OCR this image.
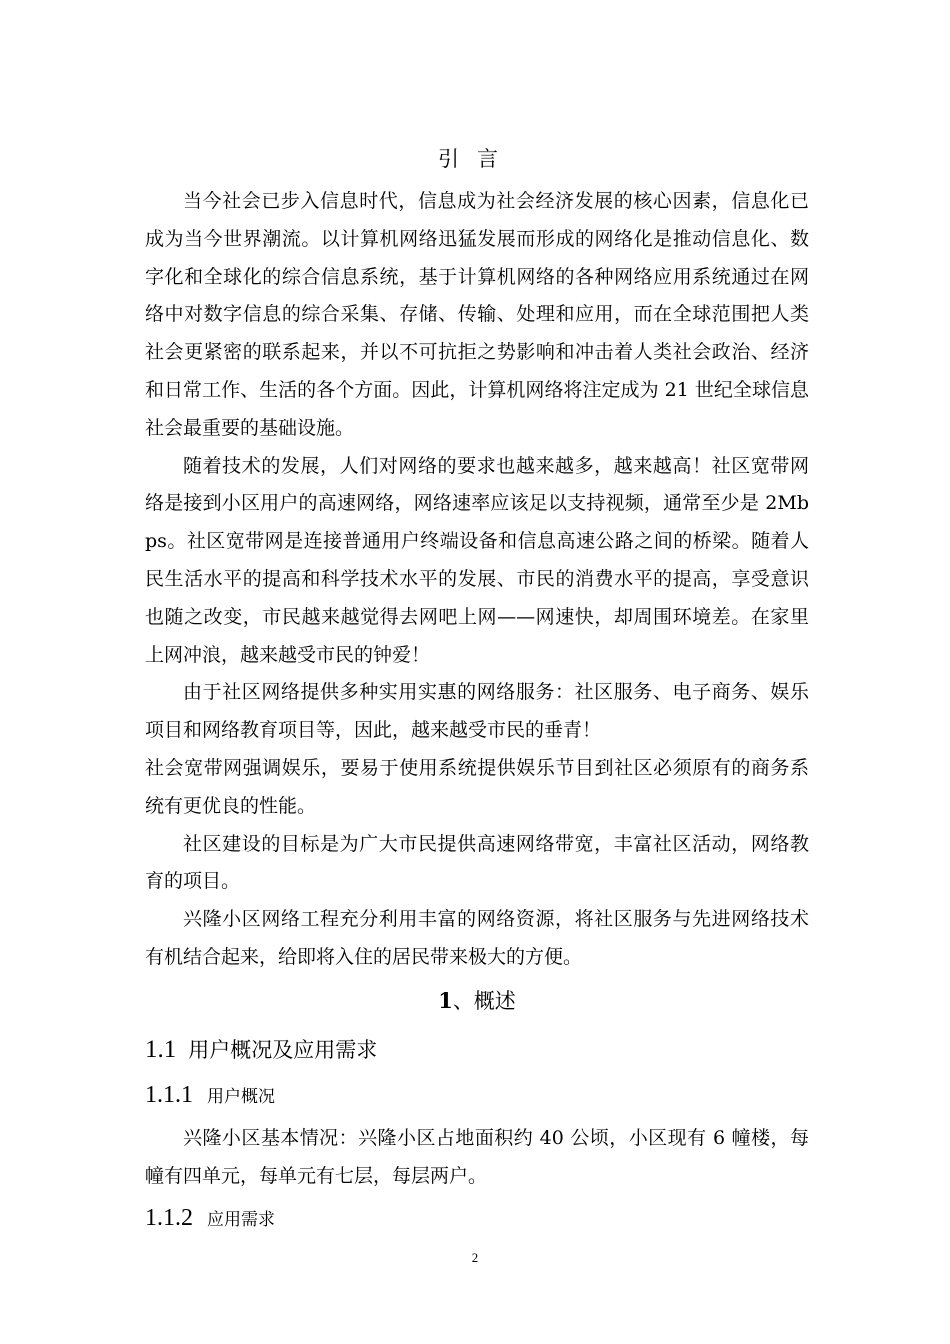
引言

当今社会已步入信息时代，信息成为社会经济发展的核心因素，信息化已成为当今世界潮流。以计算机网络迅猛发展而形成的网络化是推动信息化、数字化和全球化的综合信息系统，基于计算机网络的各种网络应用系统通过在网络中对数字信息的综合采集、存储、传输、处理和应用，而在全球范围把人类社会更紧密的联系起来，并以不可抗拒之势影响和冲击着人类社会政治、经济和日常工作、生活的各个方面。因此，计算机网络将注定成为 21 世纪全球信息社会最重要的基础设施。

随着技术的发展，人们对网络的要求也越来越多，越来越高！社区宽带网络是接到小区用户的高速网络，网络速率应该足以支持视频，通常至少是 2Mbps。社区宽带网是连接普通用户终端设备和信息高速公路之间的桥梁。随着人民生活水平的提高和科学技术水平的发展、市民的消费水平的提高，享受意识也随之改变，市民越来越觉得去网吧上网——网速快，却周围环境差。在家里上网冲浪，越来越受市民的钟爱！

由于社区网络提供多种实用实惠的网络服务：社区服务、电子商务、娱乐项目和网络教育项目等，因此，越来越受市民的垂青！

社会宽带网强调娱乐，要易于使用系统提供娱乐节目到社区必须原有的商务系统有更优良的性能。

社区建设的目标是为广大市民提供高速网络带宽，丰富社区活动，网络教育的项目。

兴隆小区网络工程充分利用丰富的网络资源，将社区服务与先进网络技术有机结合起来，给即将入住的居民带来极大的方便。

1、概述
1.1 用户概况及应用需求
1.1.1 用户概况

兴隆小区基本情况：兴隆小区占地面积约 40 公顷，小区现有 6 幢楼，每幢有四单元，每单元有七层，每层两户。

1.1.2 应用需求
2
